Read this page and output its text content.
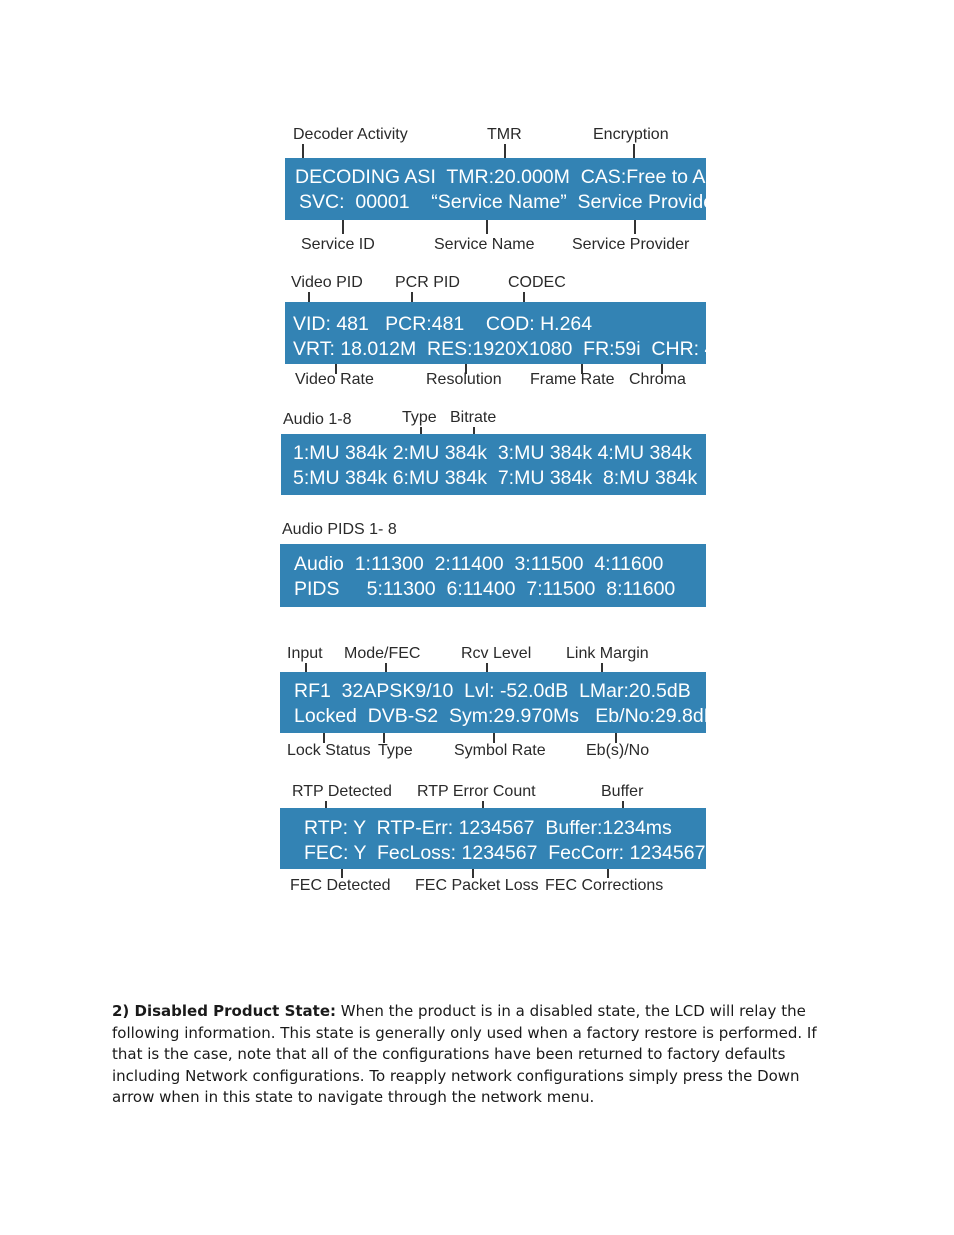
Decoder Activity	TMR	Encryption
DECODING ASI  TMR:20.000M  CAS:Free to Air
SVC:  00001    “Service Name”  Service Provider
Service ID	Service Name Service Provider
Video PID PCR PID	CODEC
VID: 481   PCR:481    COD: H.264
VRT: 18.012M  RES:1920X1080  FR:59i  CHR: 422
Video Rate	Resolution Frame Rate Chroma
Audio 1-8	Type Bitrate
1:MU 384k 2:MU 384k  3:MU 384k 4:MU 384k
5:MU 384k 6:MU 384k  7:MU 384k  8:MU 384k
Audio PIDS 1- 8
Audio  1:11300  2:11400  3:11500  4:11600
PIDS     5:11300  6:11400  7:11500  8:11600
Input Mode/FEC	Rcv Level Link Margin
RF1  32APSK9/10  Lvl: -52.0dB  LMar:20.5dB
Locked  DVB-S2  Sym:29.970Ms   Eb/No:29.8dB
Lock Status Type	Symbol Rate	Eb(s)/No
RTP Detected RTP Error Count	Buffer
RTP: Y  RTP-Err: 1234567  Buffer:1234ms
FEC: Y  FecLoss: 1234567  FecCorr: 1234567
FEC Detected FEC Packet Loss FEC Corrections

2) Disabled Product State: When the product is in a disabled state, the LCD will relay the following information. This state is generally only used when a factory restore is performed. If that is the case, note that all of the configurations have been returned to factory defaults including Network configurations. To reapply network configurations simply press the Down arrow when in this state to navigate through the network menu.
